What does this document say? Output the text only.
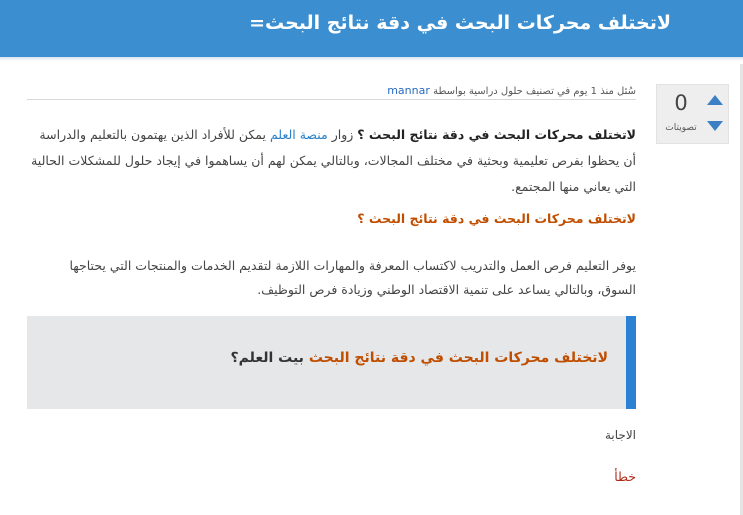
لاتختلف محركات البحث في دقة نتائج البحث=
0
تصويتات
سُئل منذ 1 يوم في تصنيف حلول دراسية بواسطة mannar
لاتختلف محركات البحث في دقة نتائج البحث ؟ زوار منصة العلم يمكن للأفراد الذين يهتمون بالتعليم والدراسة أن يحظوا بفرص تعليمية وبحثية في مختلف المجالات، وبالتالي يمكن لهم أن يساهموا في إيجاد حلول للمشكلات الحالية التي يعاني منها المجتمع.
لاتختلف محركات البحث في دقة نتائج البحث ؟
يوفر التعليم فرص العمل والتدريب لاكتساب المعرفة والمهارات اللازمة لتقديم الخدمات والمنتجات التي يحتاجها السوق، وبالتالي يساعد على تنمية الاقتصاد الوطني وزيادة فرص التوظيف.
لاتختلف محركات البحث في دقة نتائج البحث بيت العلم؟
الاجابة
خطأ
